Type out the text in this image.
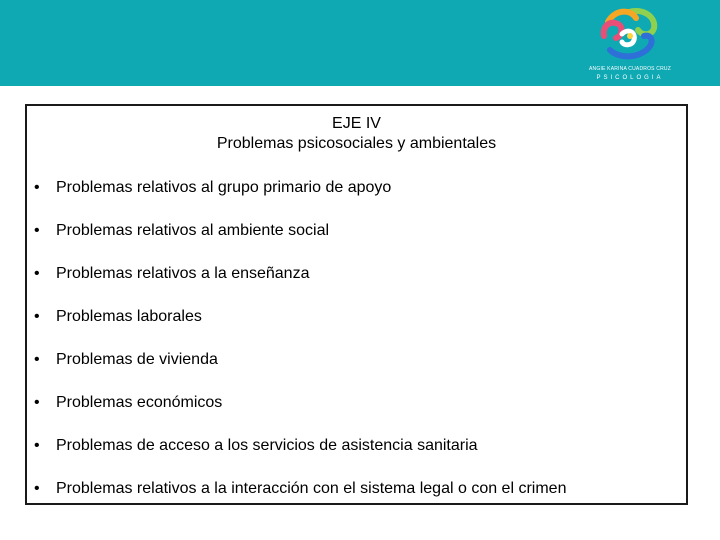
ANGIE KARINA CUADROS CRUZ
PSICOLOGIA
EJE IV
Problemas psicosociales y ambientales
•	Problemas relativos al grupo primario de apoyo
•	Problemas relativos al ambiente social
•	Problemas relativos a la enseñanza
•	Problemas laborales
•	Problemas de vivienda
•	Problemas económicos
•	Problemas de acceso a los servicios de asistencia sanitaria
•	Problemas relativos a la interacción con el sistema legal o con el crimen
